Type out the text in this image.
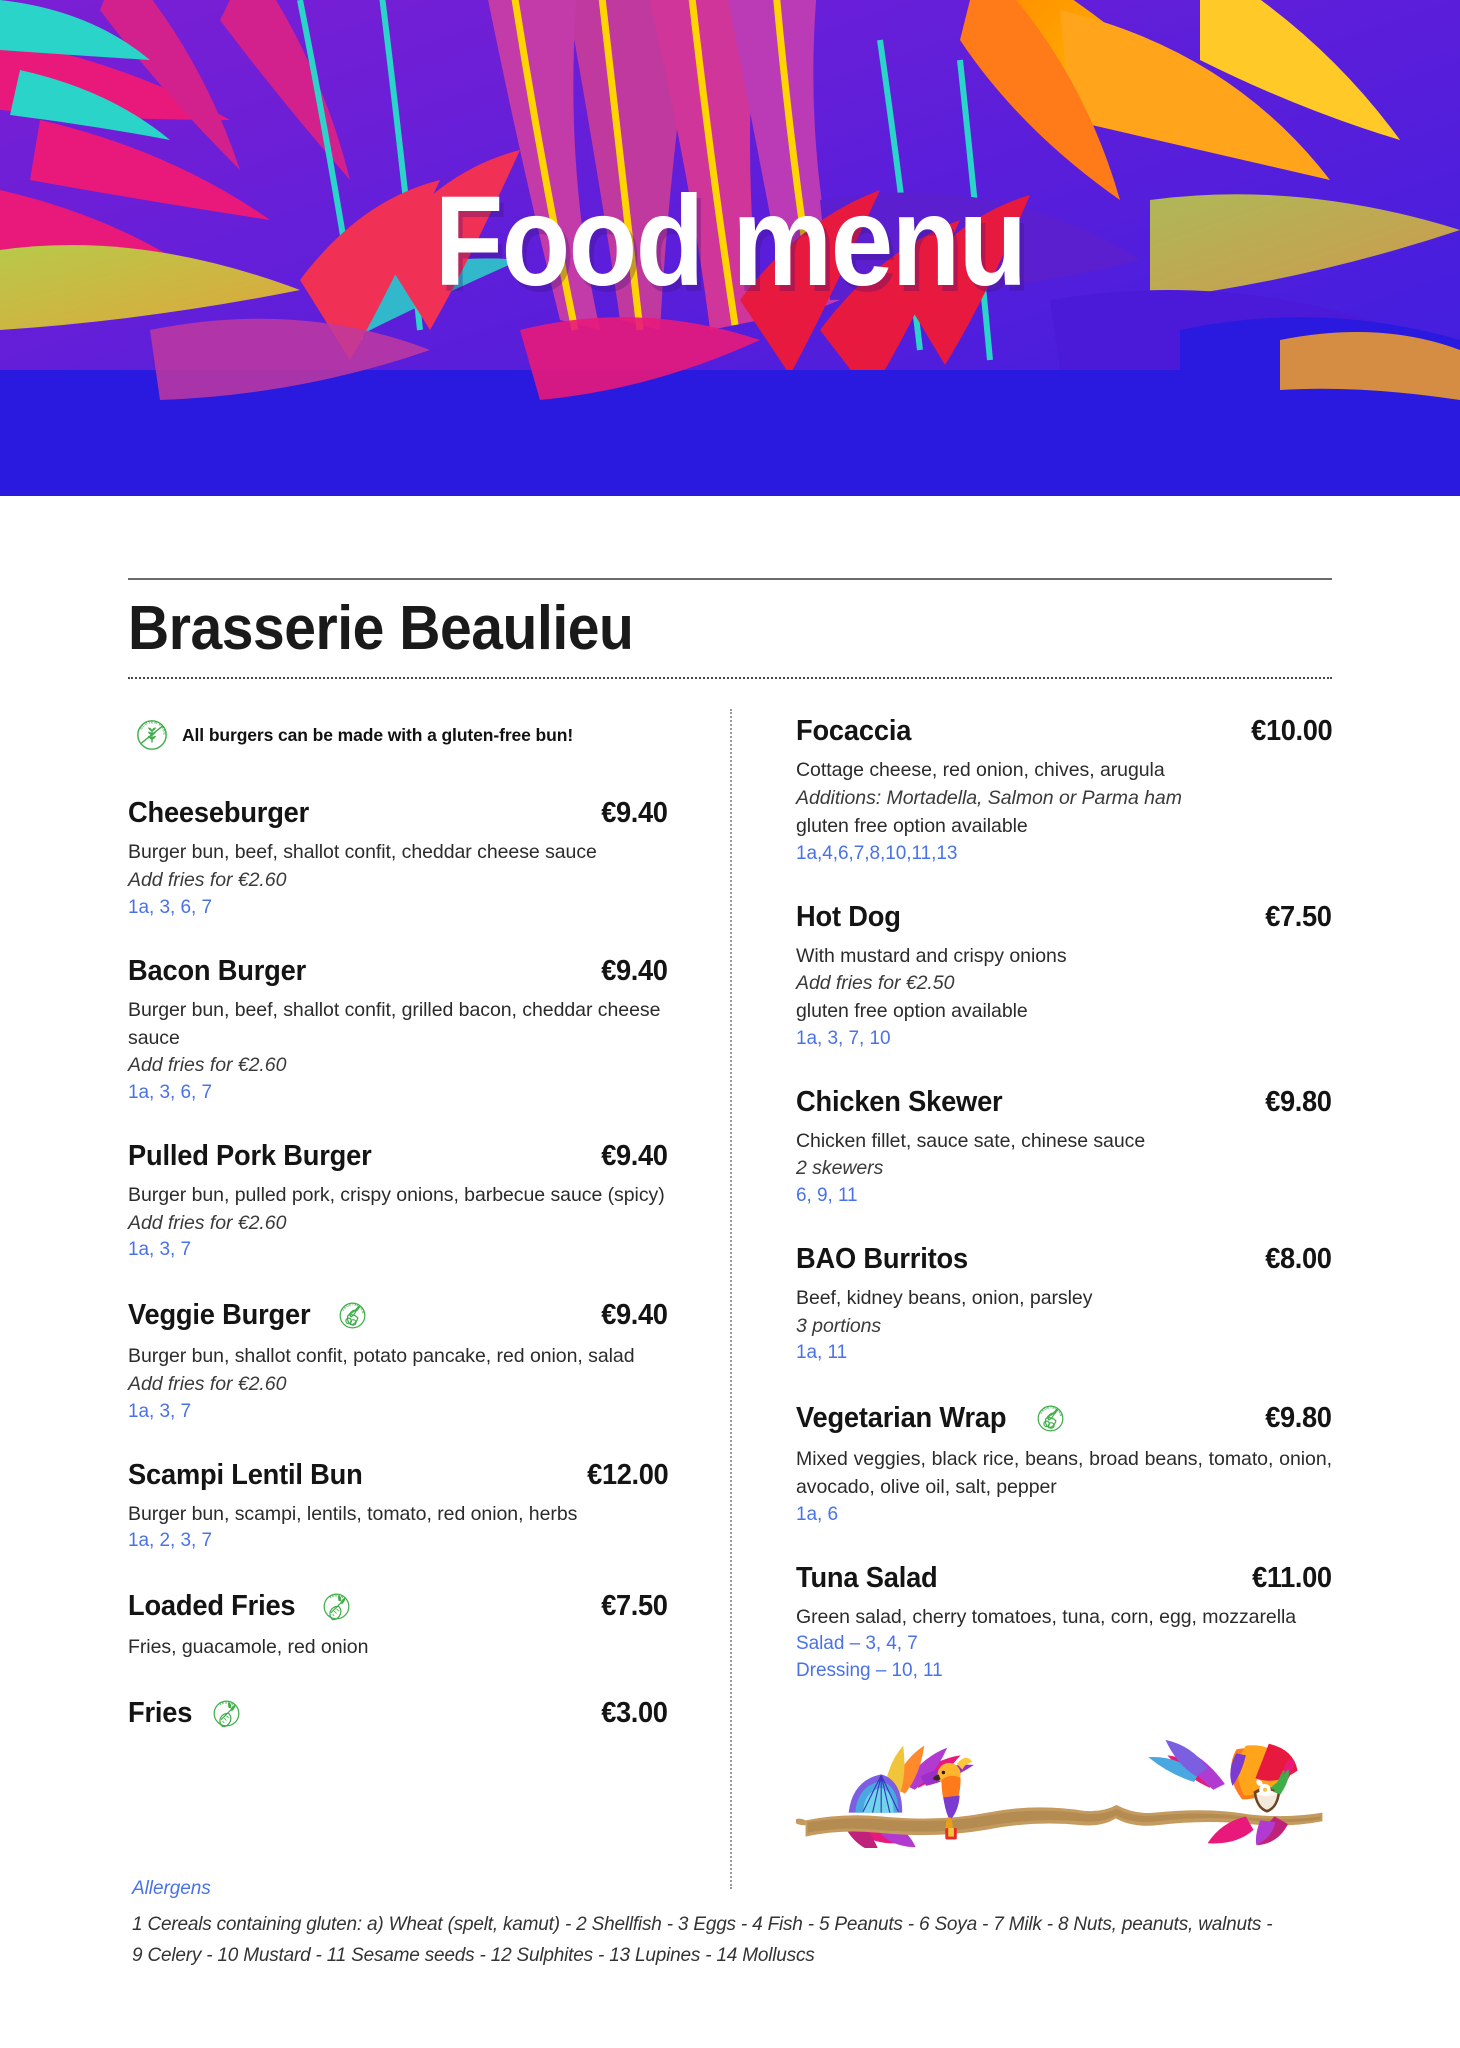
Food menu
Brasserie Beaulieu
GLUTEN FREE All burgers can be made with a gluten-free bun!
Cheeseburger	€9.40
Burger bun, beef, shallot confit, cheddar cheese sauce
Add fries for €2.60
1a, 3, 6, 7
Bacon Burger	€9.40
Burger bun, beef, shallot confit, grilled bacon, cheddar cheese sauce
Add fries for €2.60
1a, 3, 6, 7
Pulled Pork Burger	€9.40
Burger bun, pulled pork, crispy onions, barbecue sauce (spicy)
Add fries for €2.60
1a, 3, 7
Veggie Burger	VEGETARIAN	€9.40
Burger bun, shallot confit, potato pancake, red onion, salad
Add fries for €2.60
1a, 3, 7
Scampi Lentil Bun	€12.00
Burger bun, scampi, lentils, tomato, red onion, herbs
1a, 2, 3, 7
Loaded Fries	VEGAN	€7.50
Fries, guacamole, red onion
Fries	VEGAN	€3.00
Focaccia	€10.00
Cottage cheese, red onion, chives, arugula
Additions: Mortadella, Salmon or Parma ham
gluten free option available
1a,4,6,7,8,10,11,13
Hot Dog	€7.50
With mustard and crispy onions
Add fries for €2.50
gluten free option available
1a, 3, 7, 10
Chicken Skewer	€9.80
Chicken fillet, sauce sate, chinese sauce
2 skewers
6, 9, 11
BAO Burritos	€8.00
Beef, kidney beans, onion, parsley
3 portions
1a, 11
Vegetarian Wrap	VEGETARIAN	€9.80
Mixed veggies, black rice, beans, broad beans, tomato, onion, avocado, olive oil, salt, pepper
1a, 6
Tuna Salad	€11.00
Green salad, cherry tomatoes, tuna, corn, egg, mozzarella
Salad – 3, 4, 7
Dressing – 10, 11
Allergens
1 Cereals containing gluten: a) Wheat (spelt, kamut) - 2 Shellfish - 3 Eggs - 4 Fish - 5 Peanuts - 6 Soya - 7 Milk - 8 Nuts, peanuts, walnuts -
9 Celery - 10 Mustard - 11 Sesame seeds - 12 Sulphites - 13 Lupines - 14 Molluscs
